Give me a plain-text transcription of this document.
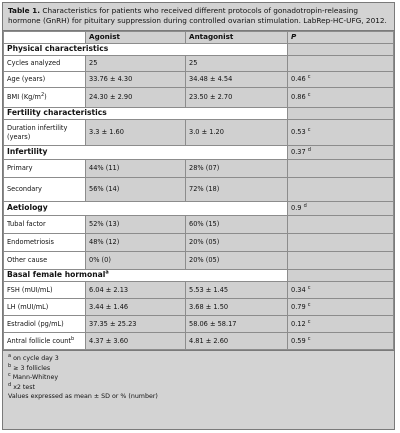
Table 1. Characteristics for patients who received different protocols of gonadotropin-releasing hormone (GnRH) for pituitary suppression during controlled ovarian stimulation. LabRep-HC-UFG, 2012.
	Agonist	Antagonist	P
Physical characteristics			
Cycles analyzed	25	25	
Age (years)	33.76 ± 4.30	34.48 ± 4.54	0.46 $^c$
BMI $(Kg/m^2)$	24.30 ± 2.90	23.50 ± 2.70	0.86 $^c$
Fertility characteristics			
Duration infertility (years)	3.3 ± 1.60	3.0 ± 1.20	0.53 $^c$
Infertility			0.37 $^d$
Primary	44% (11)	28% (07)	
Secondary	56% (14)	72% (18)	
Aetiology			0.9 $^d$
Tubal factor	52% (13)	60% (15)	
Endometriosis	48% (12)	20% (05)	
Other cause	0% (0)	20% (05)	
Basal female hormonal$^a$	
FSH (mUI/mL)	6.04 ± 2.13	5.53 ± 1.45	0.34 $^c$
LH (mUI/mL)	3.44 ± 1.46	3.68 ± 1.50	0.79 $^c$
Estradiol (pg/mL)	37.35 ± 25.23	58.06 ± 58.17	0.12 $^c$
Antral follicle count$^b$	4.37 ± 3.60	4.81 ± 2.60	0.59 $^c$
$^a$ on cycle day 3
$^b$ ≥ 3 follicles
$^c$ Mann-Whitney
$^d$ x2 test
Values expressed as mean ± SD or % (number)
